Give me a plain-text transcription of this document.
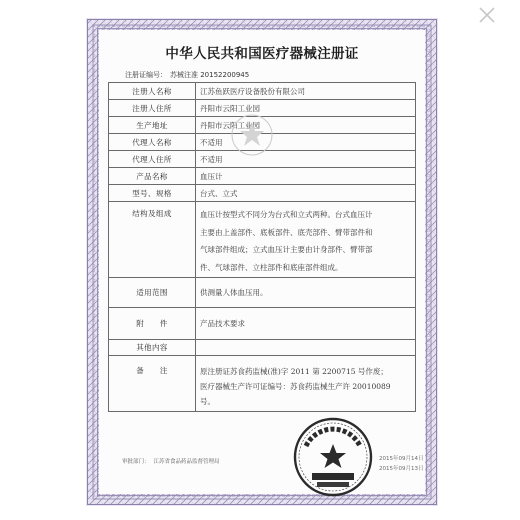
中华人民共和国医疗器械注册证
注册证编号： 苏械注准 20152200945
注册人名称	江苏鱼跃医疗设备股份有限公司
注册人住所	丹阳市云阳工业园
生产地址	丹阳市云阳工业园
代理人名称	不适用
代理人住所	不适用
产品名称	血压计
型号、规格	台式、立式
结构及组成	血压计按型式不同分为台式和立式两种。台式血压计
主要由上盖部件、底板部件、底壳部件、臂带部件和
气球部件组成；立式血压计主要由计身部件、臂带部
件、气球部件、立柱部件和底座部件组成。

适用范围	供测量人体血压用。
附　　件	产品技术要求
其他内容	
备　　注	原注册证苏食药监械(准)字 2011 第 2200715 号作废；
医疗器械生产许可证编号：苏食药监械生产许 20010089
号。
审批部门： 江苏省食品药品监督管理局	2015年09月14日
2015年09月13日
